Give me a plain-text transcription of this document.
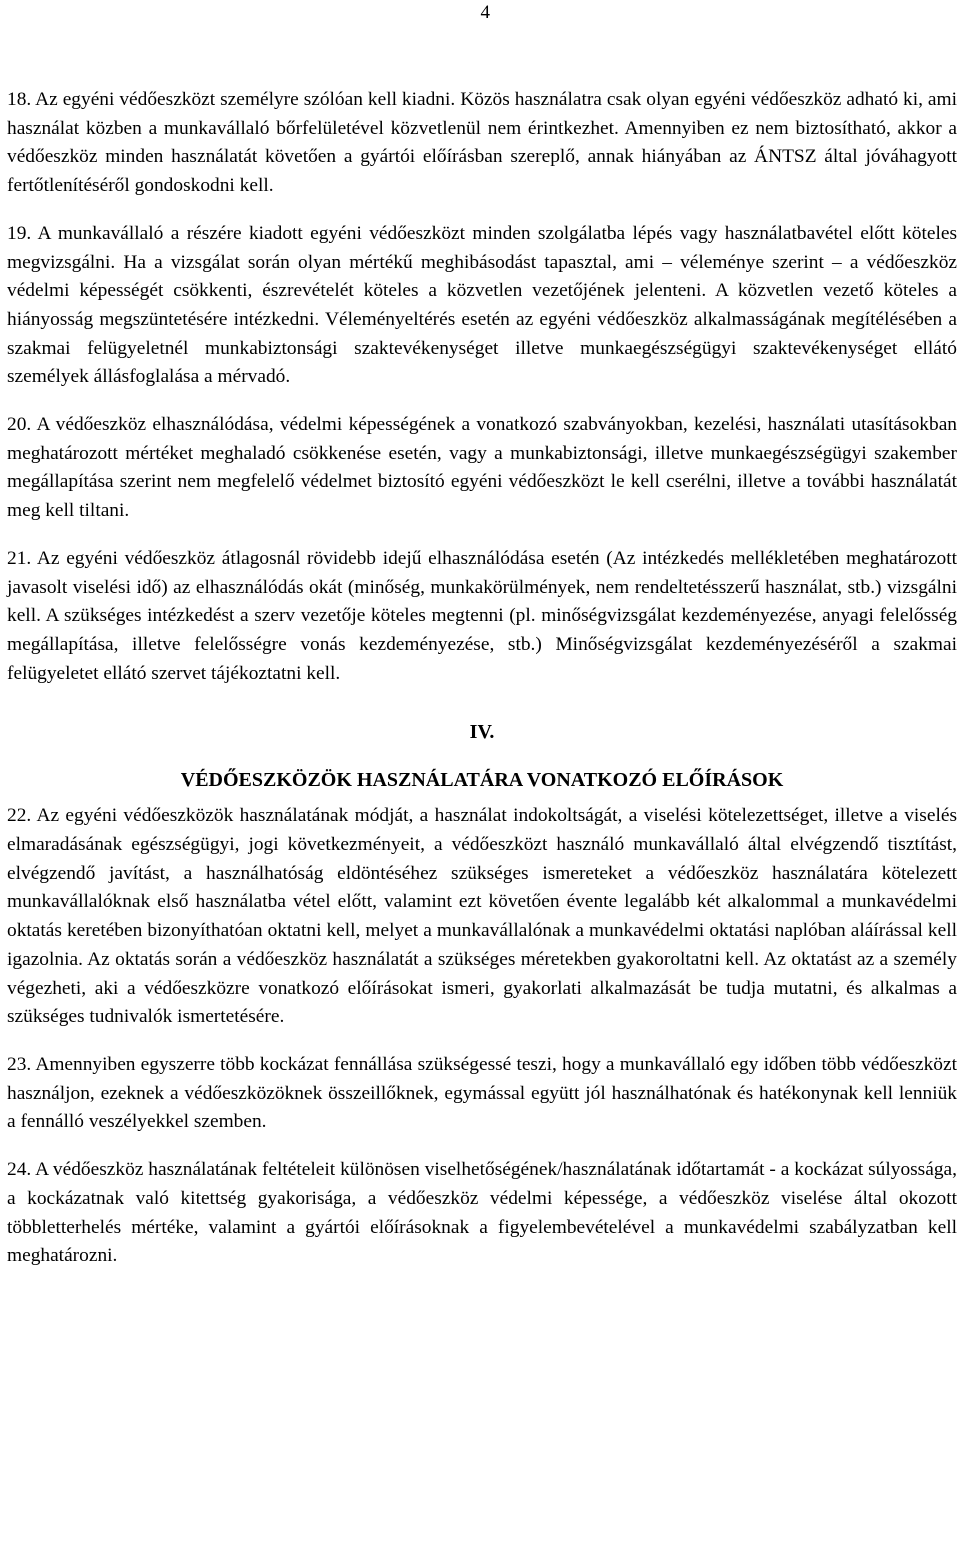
4

18. Az egyéni védőeszközt személyre szólóan kell kiadni. Közös használatra csak olyan egyéni védőeszköz adható ki, ami használat közben a munkavállaló bőrfelületével közvetlenül nem érintkezhet. Amennyiben ez nem biztosítható, akkor a védőeszköz minden használatát követően a gyártói előírásban szereplő, annak hiányában az ÁNTSZ által jóváhagyott fertőtlenítéséről gondoskodni kell.

19. A munkavállaló a részére kiadott egyéni védőeszközt minden szolgálatba lépés vagy használatbavétel előtt köteles megvizsgálni. Ha a vizsgálat során olyan mértékű meghibásodást tapasztal, ami – véleménye szerint – a védőeszköz védelmi képességét csökkenti, észrevételét köteles a közvetlen vezetőjének jelenteni. A közvetlen vezető köteles a hiányosság megszüntetésére intézkedni. Véleményeltérés esetén az egyéni védőeszköz alkalmasságának megítélésében a szakmai felügyeletnél munkabiztonsági szaktevékenységet illetve munkaegészségügyi szaktevékenységet ellátó személyek állásfoglalása a mérvadó.

20. A védőeszköz elhasználódása, védelmi képességének a vonatkozó szabványokban, kezelési, használati utasításokban meghatározott mértéket meghaladó csökkenése esetén, vagy a munkabiztonsági, illetve munkaegészségügyi szakember megállapítása szerint nem megfelelő védelmet biztosító egyéni védőeszközt le kell cserélni, illetve a további használatát meg kell tiltani.

21. Az egyéni védőeszköz átlagosnál rövidebb idejű elhasználódása esetén (Az intézkedés mellékletében meghatározott javasolt viselési idő) az elhasználódás okát (minőség, munkakörülmények, nem rendeltetésszerű használat, stb.) vizsgálni kell. A szükséges intézkedést a szerv vezetője köteles megtenni (pl. minőségvizsgálat kezdeményezése, anyagi felelősség megállapítása, illetve felelősségre vonás kezdeményezése, stb.) Minőségvizsgálat kezdeményezéséről a szakmai felügyeletet ellátó szervet tájékoztatni kell.

IV.
VÉDŐESZKÖZÖK HASZNÁLATÁRA VONATKOZÓ ELŐÍRÁSOK

22. Az egyéni védőeszközök használatának módját, a használat indokoltságát, a viselési kötelezettséget, illetve a viselés elmaradásának egészségügyi, jogi következményeit, a védőeszközt használó munkavállaló által elvégzendő tisztítást, elvégzendő javítást, a használhatóság eldöntéséhez szükséges ismereteket a védőeszköz használatára kötelezett munkavállalóknak első használatba vétel előtt, valamint ezt követően évente legalább két alkalommal a munkavédelmi oktatás keretében bizonyíthatóan oktatni kell, melyet a munkavállalónak a munkavédelmi oktatási naplóban aláírással kell igazolnia. Az oktatás során a védőeszköz használatát a szükséges méretekben gyakoroltatni kell. Az oktatást az a személy végezheti, aki a védőeszközre vonatkozó előírásokat ismeri, gyakorlati alkalmazását be tudja mutatni, és alkalmas a szükséges tudnivalók ismertetésére.

23. Amennyiben egyszerre több kockázat fennállása szükségessé teszi, hogy a munkavállaló egy időben több védőeszközt használjon, ezeknek a védőeszközöknek összeillőknek, egymással együtt jól használhatónak és hatékonynak kell lenniük a fennálló veszélyekkel szemben.

24. A védőeszköz használatának feltételeit különösen viselhetőségének/használatának időtartamát - a kockázat súlyossága, a kockázatnak való kitettség gyakorisága, a védőeszköz védelmi képessége, a védőeszköz viselése által okozott többletterhelés mértéke, valamint a gyártói előírásoknak a figyelembevételével a munkavédelmi szabályzatban kell meghatározni.
